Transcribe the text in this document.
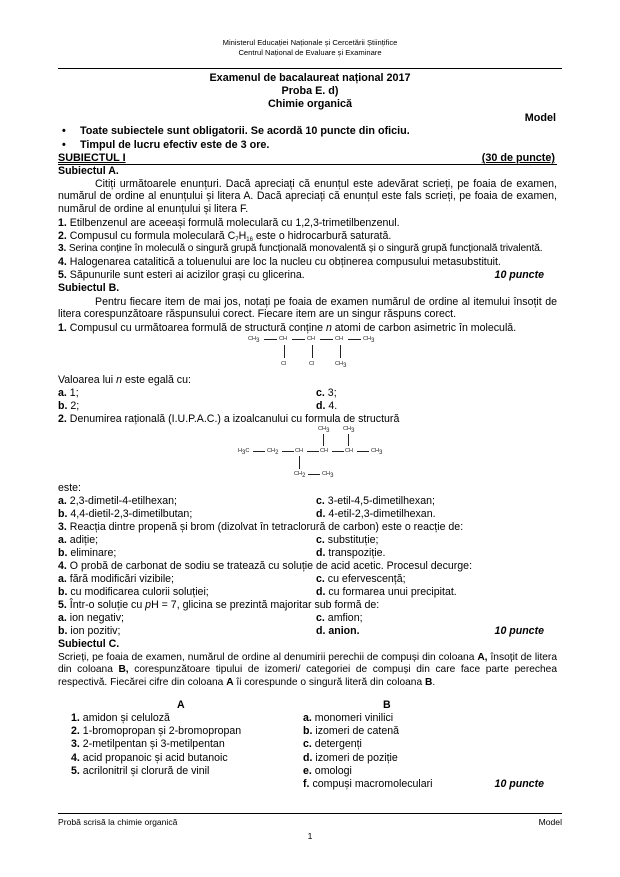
Ministerul Educației Naționale și Cercetării Științifice
Centrul Național de Evaluare și Examinare
Examenul de bacalaureat național 2017
Proba E. d)
Chimie organică
Model
• Toate subiectele sunt obligatorii. Se acordă 10 puncte din oficiu.
• Timpul de lucru efectiv este de 3 ore.
SUBIECTUL I	(30 de puncte)
Subiectul A.
Citiți următoarele enunțuri. Dacă apreciați că enunțul este adevărat scrieți, pe foaia de examen, numărul de ordine al enunțului și litera A. Dacă apreciați că enunțul este fals scrieți, pe foaia de examen, numărul de ordine al enunțului și litera F.
1. Etilbenzenul are aceeași formulă moleculară cu 1,2,3-trimetilbenzenul.
2. Compusul cu formula moleculară $C_7H_{16}$ este o hidrocarbură saturată.
3. Serina conține în moleculă o singură grupă funcțională monovalentă și o singură grupă funcțională trivalentă.
4. Halogenarea catalitică a toluenului are loc la nucleu cu obținerea compusului metasubstituit.
5. Săpunurile sunt esteri ai acizilor grași cu glicerina.	10 puncte
Subiectul B.
Pentru fiecare item de mai jos, notați pe foaia de examen numărul de ordine al itemului însoțit de litera corespunzătoare răspunsului corect. Fiecare item are un singur răspuns corect.
1. Compusul cu următoarea formulă de structură conține n atomi de carbon asimetric în moleculă.
$CH_3$	CH	CH	CH	$CH_3$
Cl	Cl	$CH_3$
Valoarea lui n este egală cu:
a. 1;	c. 3;
b. 2;	d. 4.
2. Denumirea rațională (I.U.P.A.C.) a izoalcanului cu formula de structură
$CH_3$ $CH_3$
$H_3C$	$CH_2$	CH	CH	CH	$CH_3$
$CH_2$	$CH_3$
este:
a. 2,3-dimetil-4-etilhexan;	c. 3-etil-4,5-dimetilhexan;
b. 4,4-dietil-2,3-dimetilbutan;	d. 4-etil-2,3-dimetilhexan.
3. Reacția dintre propenă și brom (dizolvat în tetraclorură de carbon) este o reacție de:
a. adiție;	c. substituție;
b. eliminare;	d. transpoziție.
4. O probă de carbonat de sodiu se tratează cu soluție de acid acetic. Procesul decurge:
a. fără modificări vizibile;	c. cu efervescență;
b. cu modificarea culorii soluției;	d. cu formarea unui precipitat.
5. Într-o soluție cu pH = 7, glicina se prezintă majoritar sub formă de:
a. ion negativ;	c. amfion;
b. ion pozitiv;	d. anion.	10 puncte
Subiectul C.
Scrieți, pe foaia de examen, numărul de ordine al denumirii perechii de compuși din coloana A, însoțit de litera din coloana B, corespunzătoare tipului de izomeri/ categoriei de compuși din care face parte perechea respectivă. Fiecărei cifre din coloana A îi corespunde o singură literă din coloana B.
A	B
1. amidon și celuloză
2. 1-bromopropan și 2-bromopropan
3. 2-metilpentan și 3-metilpentan
4. acid propanoic și acid butanoic
5. acrilonitril și clorură de vinil
a. monomeri vinilici
b. izomeri de catenă
c. detergenți
d. izomeri de poziție
e. omologi
f. compuși macromoleculari	10 puncte
Probă scrisă la chimie organică	Model
1
